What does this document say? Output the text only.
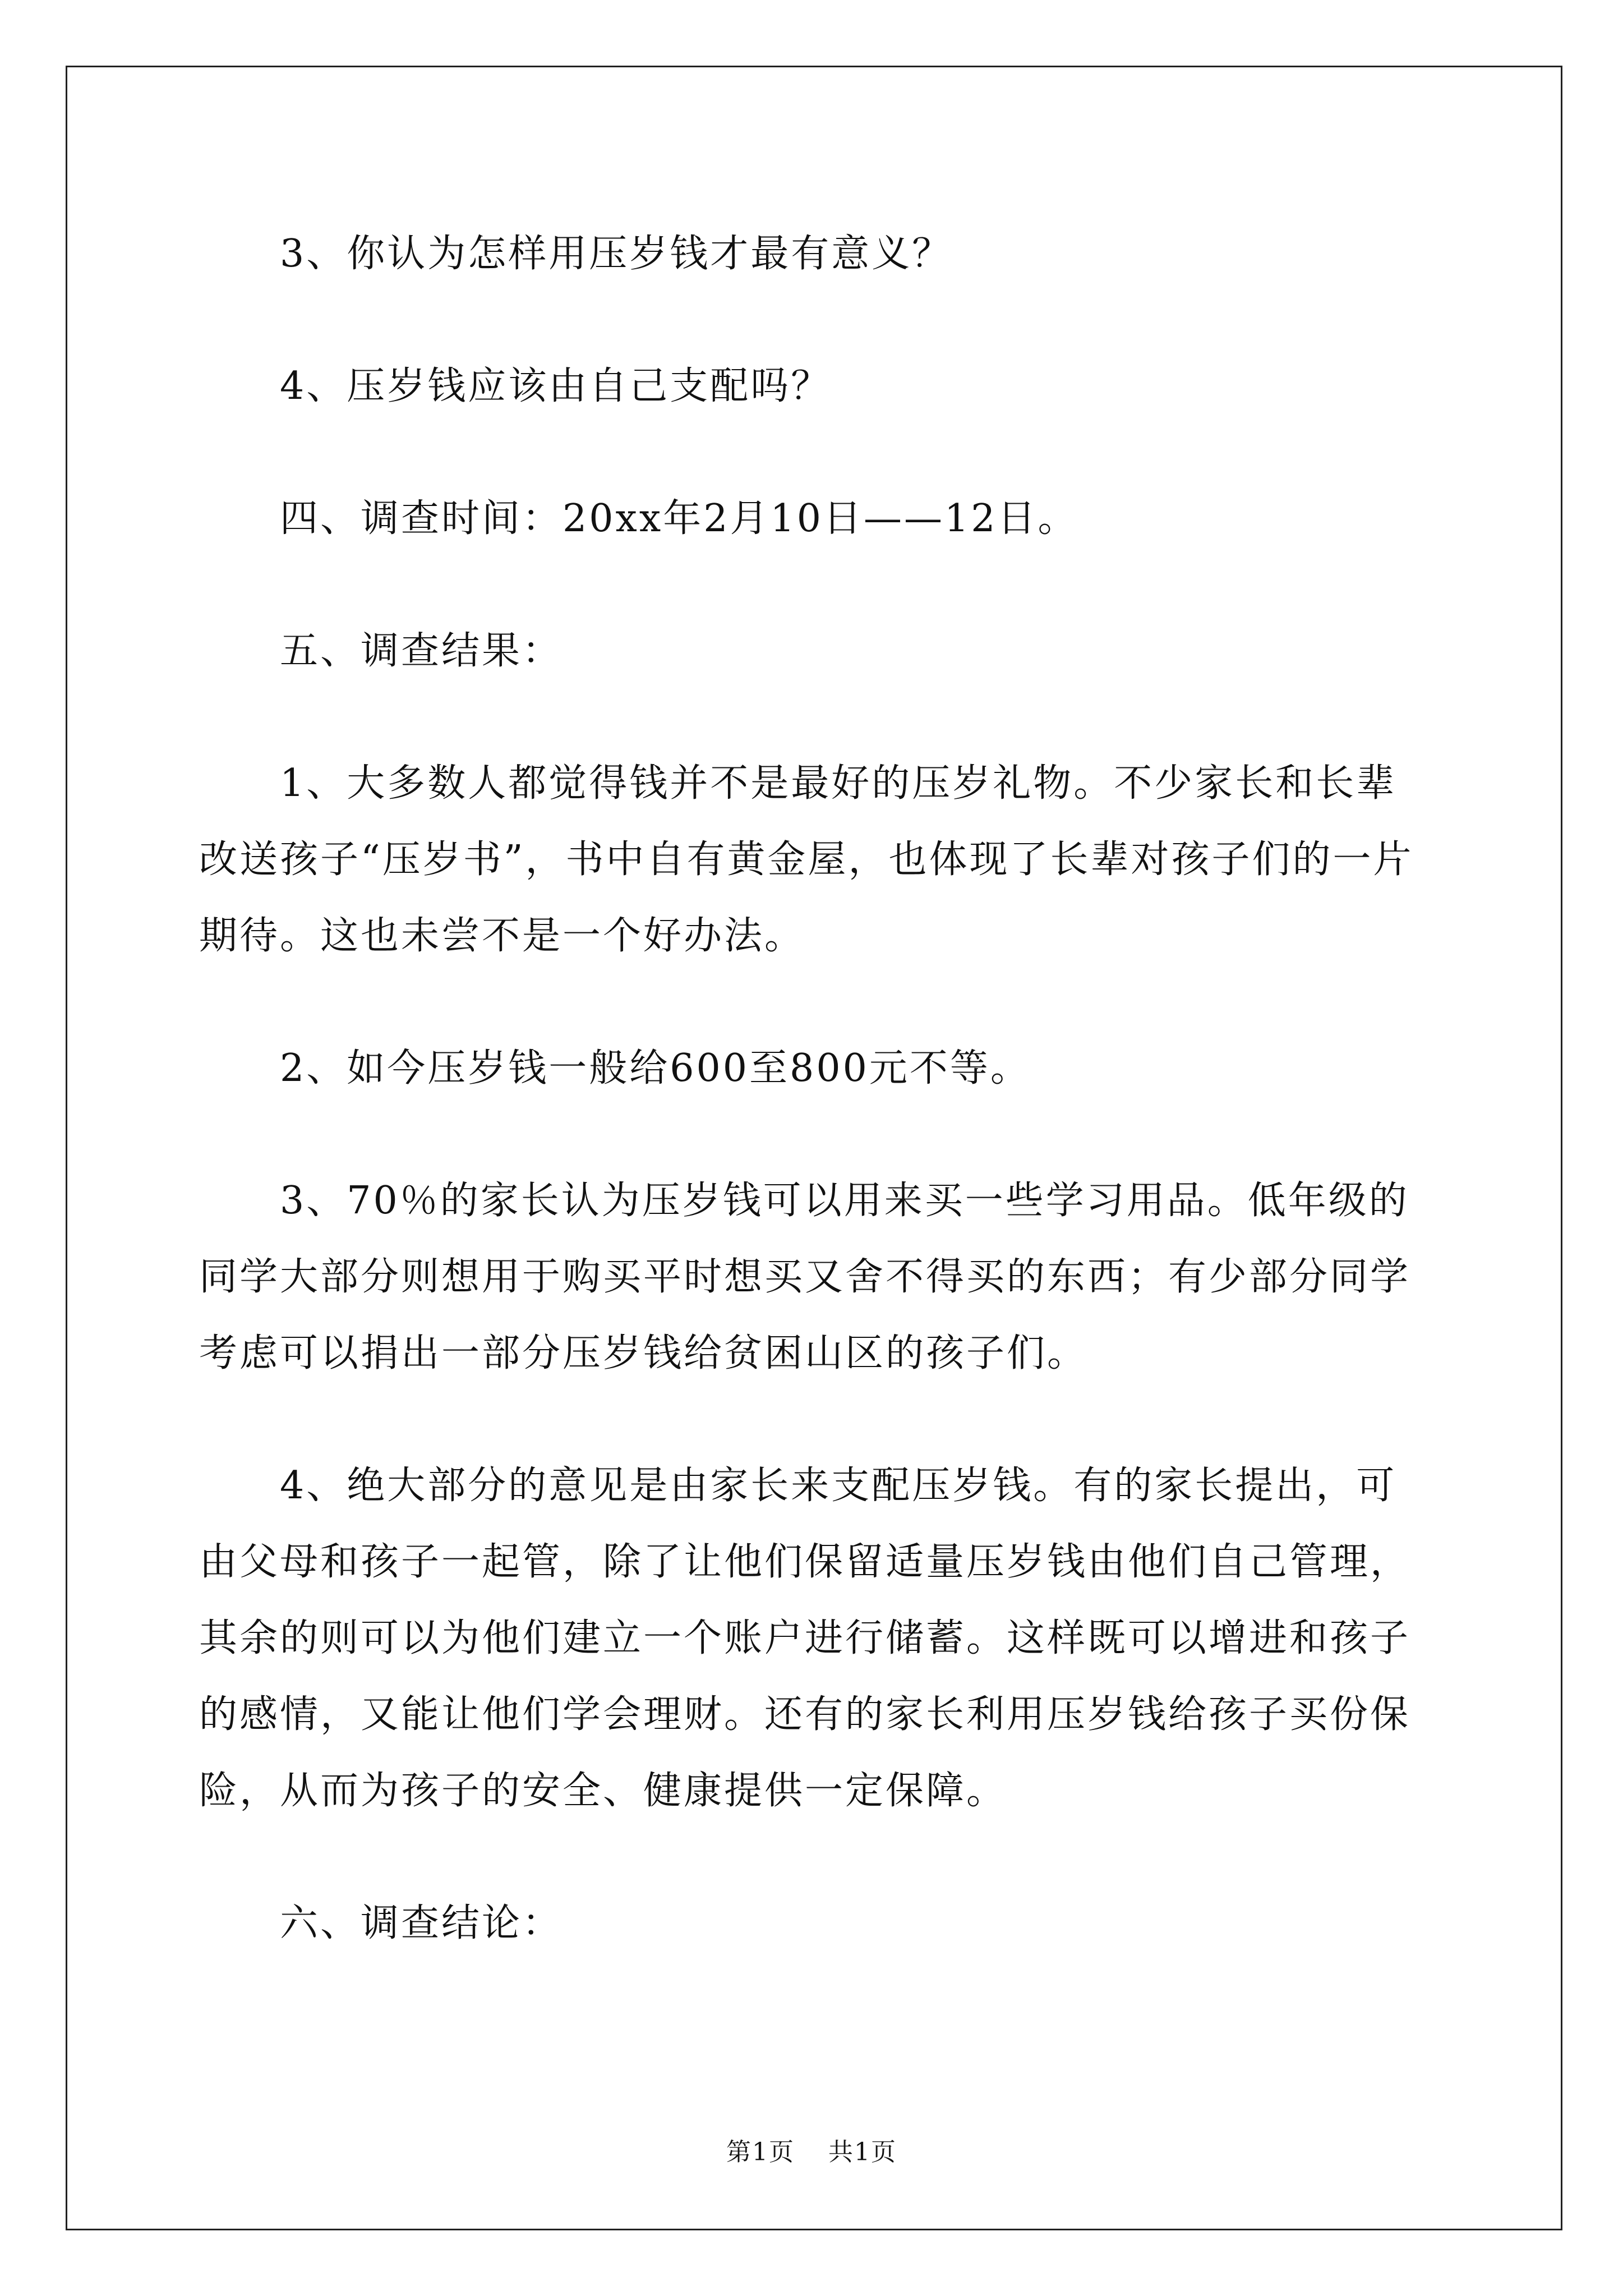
3、你认为怎样用压岁钱才最有意义？

4、压岁钱应该由自己支配吗？

四、调查时间：20xx年2月10日——12日。

五、调查结果：

1、大多数人都觉得钱并不是最好的压岁礼物。不少家长和长辈改送孩子“压岁书”，书中自有黄金屋，也体现了长辈对孩子们的一片期待。这也未尝不是一个好办法。

2、如今压岁钱一般给600至800元不等。

3、70％的家长认为压岁钱可以用来买一些学习用品。低年级的同学大部分则想用于购买平时想买又舍不得买的东西；有少部分同学考虑可以捐出一部分压岁钱给贫困山区的孩子们。

4、绝大部分的意见是由家长来支配压岁钱。有的家长提出，可由父母和孩子一起管，除了让他们保留适量压岁钱由他们自己管理，其余的则可以为他们建立一个账户进行储蓄。这样既可以增进和孩子的感情，又能让他们学会理财。还有的家长利用压岁钱给孩子买份保险，从而为孩子的安全、健康提供一定保障。

六、调查结论：

第1页 共1页
